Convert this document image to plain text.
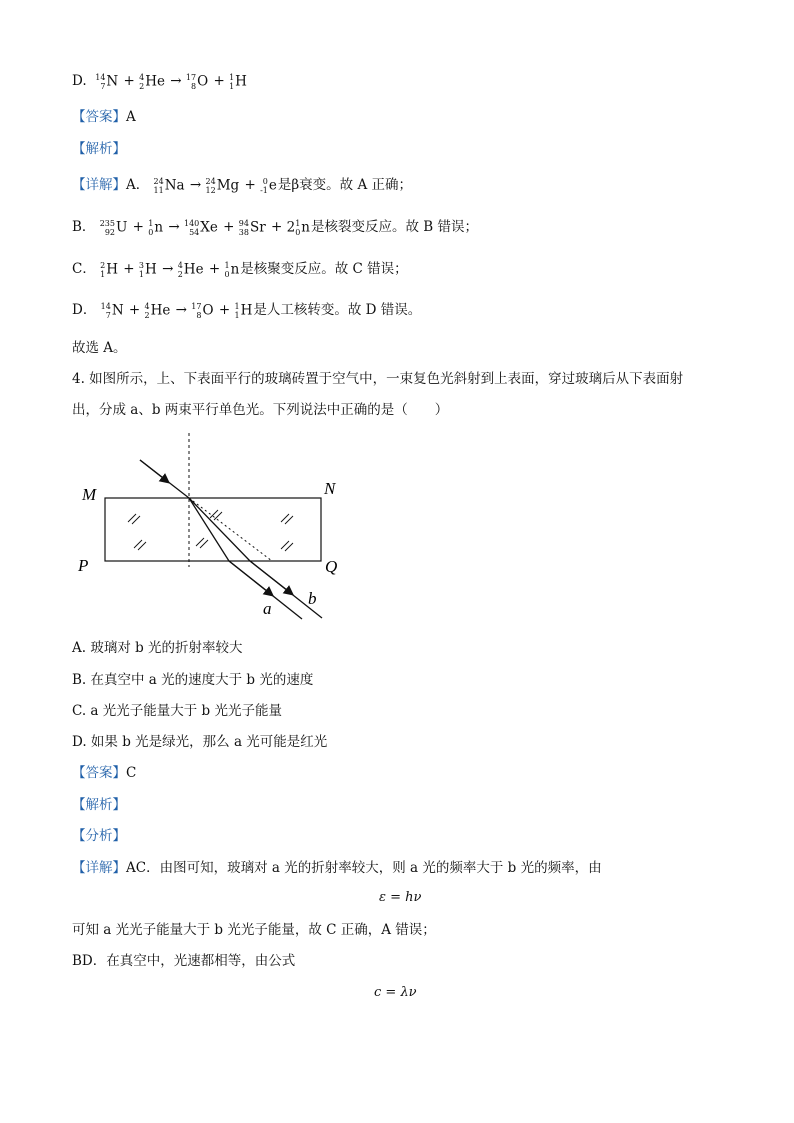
D. 14
7 N + 4
2 He → 17
8 O + 1
1 H
【答案】A
【解析】
【详解】A． 24
11 Na → 24
12 Mg + 0
-1 e是β衰变。故 A 正确；
B． 235
92 U + 1
0 n → 140
54 Xe + 94
38 Sr + 2 1
0 n是核裂变反应。故 B 错误；
C． 2
1 H + 3
1 H → 4
2 He + 1
0 n是核聚变反应。故 C 错误；
D． 14
7 N + 4
2 He → 17
8 O + 1
1 H是人工核转变。故 D 错误。
故选 A。
4. 如图所示，上、下表面平行的玻璃砖置于空气中，一束复色光斜射到上表面，穿过玻璃后从下表面射
出，分成 a、b 两束平行单色光。下列说法中正确的是（　　）
M	N
P	Q
a
b
A. 玻璃对 b 光的折射率较大
B. 在真空中 a 光的速度大于 b 光的速度
C. a 光光子能量大于 b 光光子能量
D. 如果 b 光是绿光，那么 a 光可能是红光
【答案】C
【解析】
【分析】
【详解】AC．由图可知，玻璃对 a 光的折射率较大，则 a 光的频率大于 b 光的频率，由
ε = hν
可知 a 光光子能量大于 b 光光子能量，故 C 正确，A 错误；
BD．在真空中，光速都相等，由公式
c = λν
